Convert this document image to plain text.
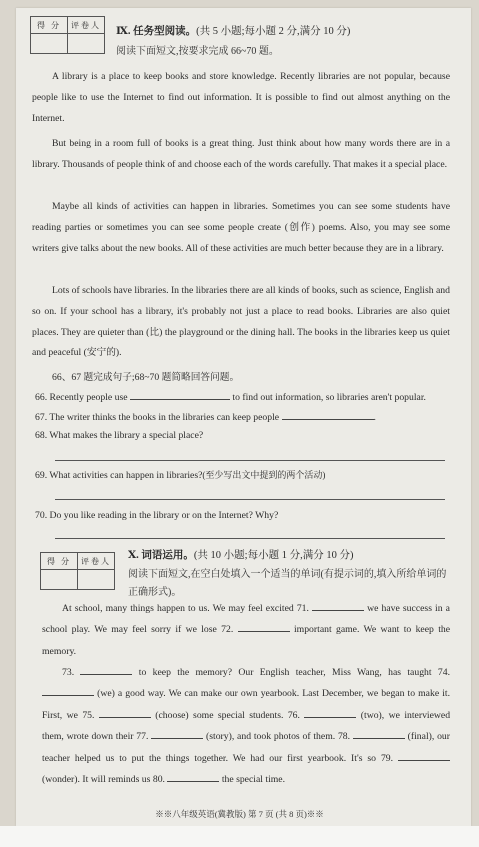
得 分	评卷人

Ⅸ. 任务型阅读。(共 5 小题;每小题 2 分,满分 10 分)
阅读下面短文,按要求完成 66~70 题。

A library is a place to keep books and store knowledge. Recently libraries are not popular, because people like to use the Internet to find out information. It is possible to find out almost anything on the Internet.

But being in a room full of books is a great thing. Just think about how many words there are in a library. Thousands of people think of and choose each of the words carefully. That makes it a special place.

Maybe all kinds of activities can happen in libraries. Sometimes you can see some students have reading parties or sometimes you can see some people create (创作) poems. Also, you may see some writers give talks about the new books. All of these activities are much better because they are in a library.

Lots of schools have libraries. In the libraries there are all kinds of books, such as science, English and so on. If your school has a library, it's probably not just a place to read books. Libraries are also quiet places. They are quieter than (比) the playground or the dining hall. The books in the libraries keep us quiet and peaceful (安宁的).

66、67 题完成句子;68~70 题简略回答问题。
66. Recently people use	to find out information, so libraries aren't popular.
67. The writer thinks the books in the libraries can keep people	.
68. What makes the library a special place?
69. What activities can happen in libraries?(至少写出文中提到的两个活动)
70. Do you like reading in the library or on the Internet? Why?
得 分	评卷人
	Ⅹ. 词语运用。(共 10 小题;每小题 1 分,满分 10 分)
阅读下面短文,在空白处填入一个适当的单词(有提示词的,填入所给单词的
正确形式)。

At school, many things happen to us. We may feel excited 71.	we have success in a school play. We may feel sorry if we lose 72.	important game. We want to keep the memory.

73.	to keep the memory? Our English teacher, Miss Wang, has taught 74.  (we) a good way. We can make our own yearbook. Last December, we began to make it. First, we 75.	(choose) some special students. 76.	(two), we interviewed them, wrote down their 77.	(story), and took photos of them. 78.	(final), our teacher helped us to put the things together. We had our first yearbook. It's so 79.  (wonder). It will reminds us 80.	the special time.

※※八年级英语(冀教版) 第 7 页 (共 8 页)※※
